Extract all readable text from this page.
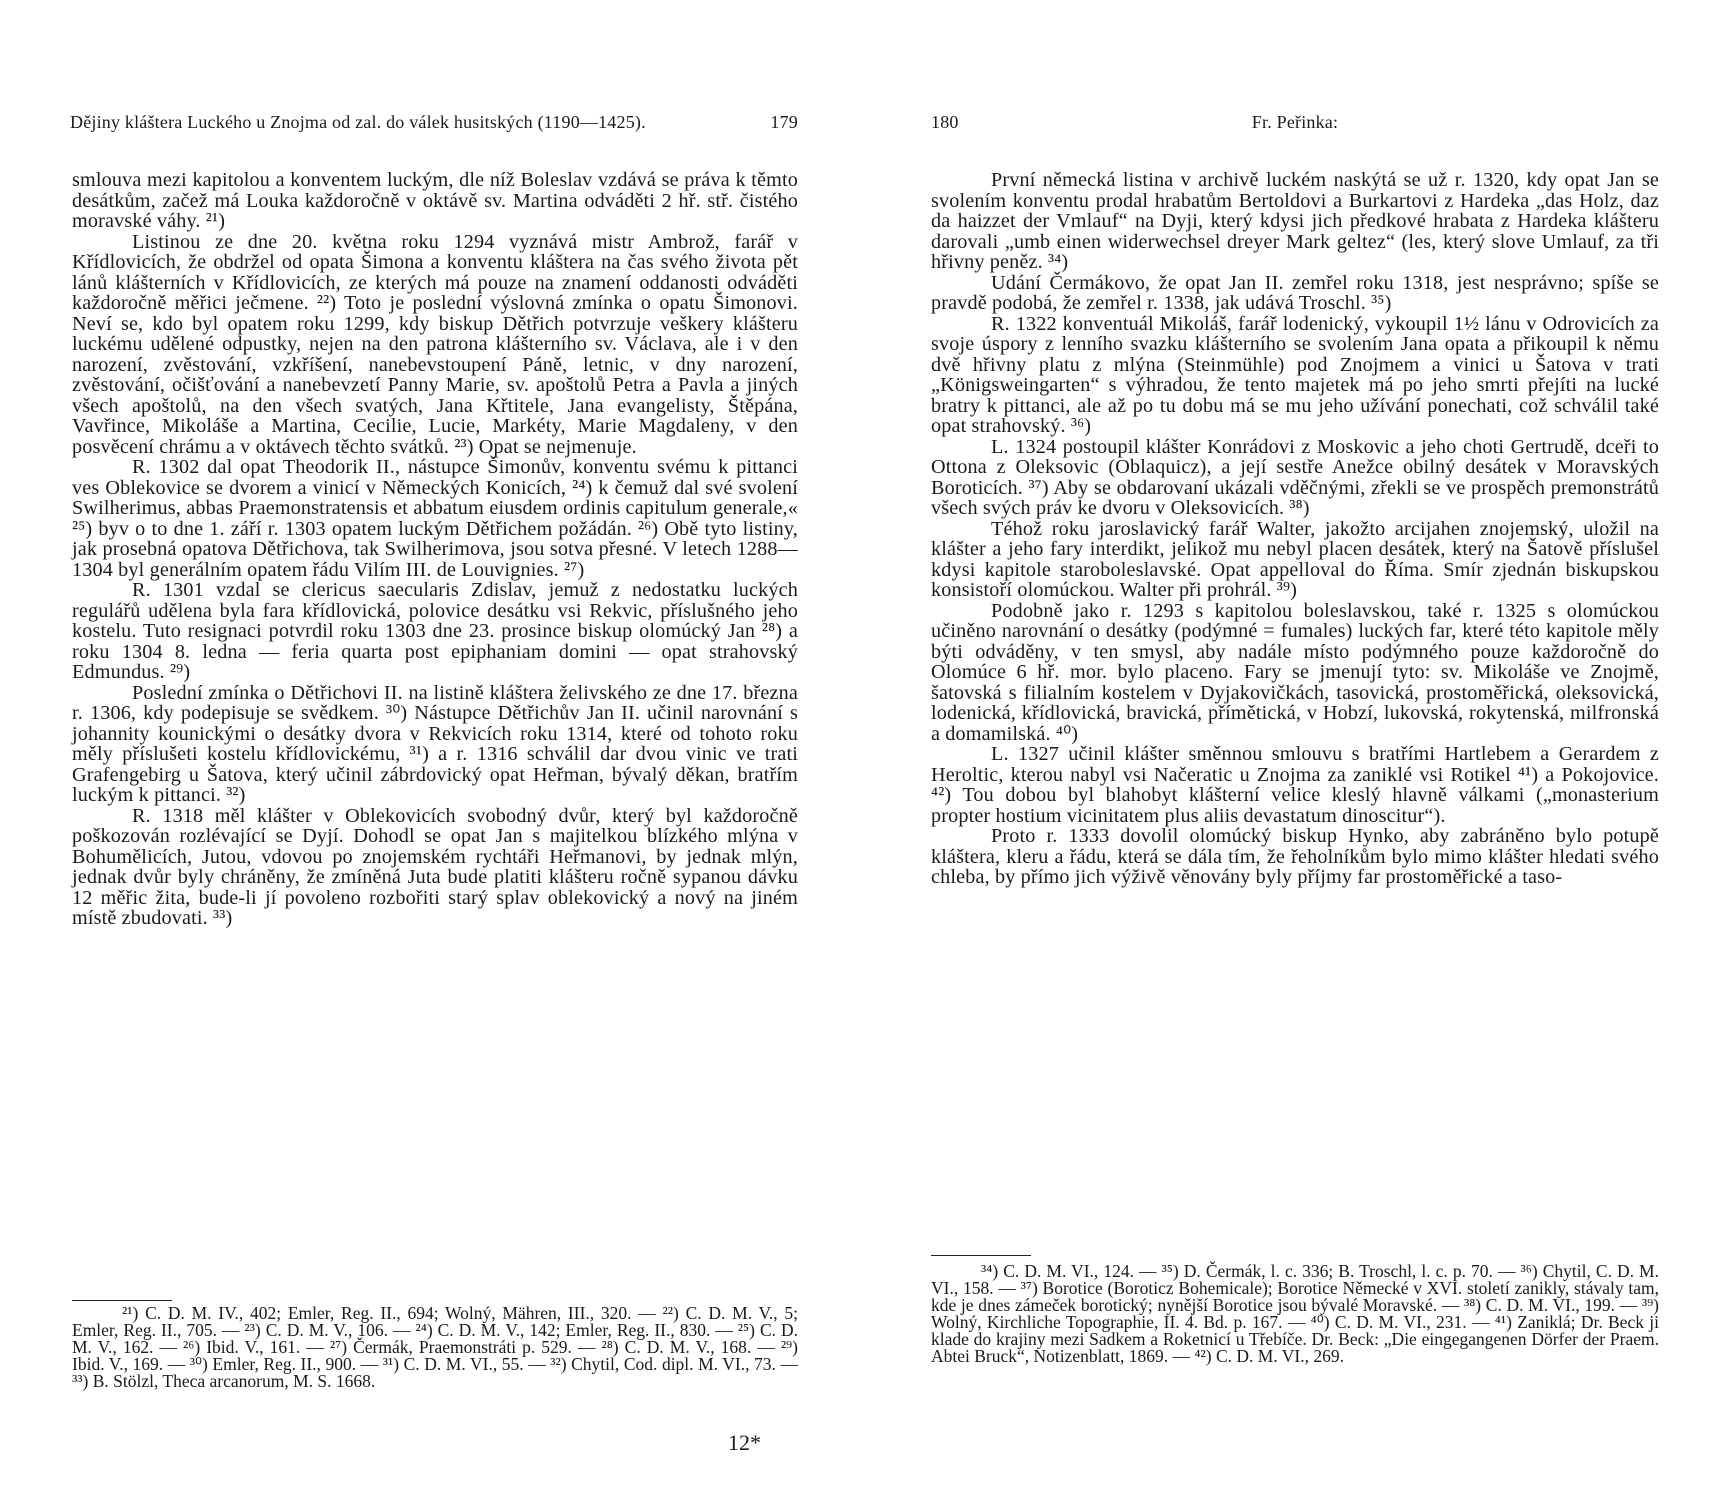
Dějiny kláštera Luckého u Znojma od zal. do válek husitských (1190—1425).	179

smlouva mezi kapitolou a konventem luckým, dle níž Boleslav vzdává se práva k těmto desátkům, začež má Louka každoročně v oktávě sv. Martina odváděti 2 hř. stř. čistého moravské váhy. ²¹)

Listinou ze dne 20. května roku 1294 vyznává mistr Ambrož, farář v Křídlovicích, že obdržel od opata Šimona a konventu kláštera na čas svého života pět lánů klášterních v Křídlovicích, ze kterých má pouze na znamení oddanosti odváděti každoročně měřici ječmene. ²²) Toto je poslední výslovná zmínka o opatu Šimonovi. Neví se, kdo byl opatem roku 1299, kdy biskup Dětřich potvrzuje veškery klášteru luckému udělené odpustky, nejen na den patrona klášterního sv. Václava, ale i v den narození, zvěstování, vzkříšení, nanebevstoupení Páně, letnic, v dny narození, zvěstování, očišťování a nanebevzetí Panny Marie, sv. apoštolů Petra a Pavla a jiných všech apoštolů, na den všech svatých, Jana Křtitele, Jana evangelisty, Štěpána, Vavřince, Mikoláše a Martina, Cecilie, Lucie, Markéty, Marie Magdaleny, v den posvěcení chrámu a v oktávech těchto svátků. ²³) Opat se nejmenuje.

R. 1302 dal opat Theodorik II., nástupce Šimonův, konventu svému k pittanci ves Oblekovice se dvorem a vinicí v Německých Konicích, ²⁴) k čemuž dal své svolení Swilherimus, abbas Praemonstratensis et abbatum eiusdem ordinis capitulum generale,« ²⁵) byv o to dne 1. září r. 1303 opatem luckým Dětřichem požádán. ²⁶) Obě tyto listiny, jak prosebná opatova Dětřichova, tak Swilherimova, jsou sotva přesné. V letech 1288—1304 byl generálním opatem řádu Vilím III. de Louvignies. ²⁷)

R. 1301 vzdal se clericus saecularis Zdislav, jemuž z nedostatku luckých regulářů udělena byla fara křídlovická, polovice desátku vsi Rekvic, příslušného jeho kostelu. Tuto resignaci potvrdil roku 1303 dne 23. prosince biskup olomúcký Jan ²⁸) a roku 1304 8. ledna — feria quarta post epiphaniam domini — opat strahovský Edmundus. ²⁹)

Poslední zmínka o Dětřichovi II. na listině kláštera želivského ze dne 17. března r. 1306, kdy podepisuje se svědkem. ³⁰) Nástupce Dětřichův Jan II. učinil narovnání s johannity kounickými o desátky dvora v Rekvicích roku 1314, které od tohoto roku měly příslušeti kostelu křídlovickému, ³¹) a r. 1316 schválil dar dvou vinic ve trati Grafengebirg u Šatova, který učinil zábrdovický opat Heřman, bývalý děkan, bratřím luckým k pittanci. ³²)

R. 1318 měl klášter v Oblekovicích svobodný dvůr, který byl každoročně poškozován rozlévající se Dyjí. Dohodl se opat Jan s majitelkou blízkého mlýna v Bohumělicích, Jutou, vdovou po znojemském rychtáři Heřmanovi, by jednak mlýn, jednak dvůr byly chráněny, že zmíněná Juta bude platiti klášteru ročně sypanou dávku 12 měřic žita, bude-li jí povoleno rozbořiti starý splav oblekovický a nový na jiném místě zbudovati. ³³)

²¹) C. D. M. IV., 402; Emler, Reg. II., 694; Wolný, Mähren, III., 320. — ²²) C. D. M. V., 5; Emler, Reg. II., 705. — ²³) C. D. M. V., 106. — ²⁴) C. D. M. V., 142; Emler, Reg. II., 830. — ²⁵) C. D. M. V., 162. — ²⁶) Ibid. V., 161. — ²⁷) Čermák, Praemonstráti p. 529. — ²⁸) C. D. M. V., 168. — ²⁹) Ibid. V., 169. — ³⁰) Emler, Reg. II., 900. — ³¹) C. D. M. VI., 55. — ³²) Chytil, Cod. dipl. M. VI., 73. — ³³) B. Stölzl, Theca arcanorum, M. S. 1668.

12*
180	Fr. Peřinka:

První německá listina v archivě luckém naskýtá se už r. 1320, kdy opat Jan se svolením konventu prodal hrabatům Bertoldovi a Burkartovi z Hardeka „das Holz, daz da haizzet der Vmlauf“ na Dyji, který kdysi jich předkové hrabata z Hardeka klášteru darovali „umb einen widerwechsel dreyer Mark geltez“ (les, který slove Umlauf, za tři hřivny peněz. ³⁴)

Udání Čermákovo, že opat Jan II. zemřel roku 1318, jest nesprávno; spíše se pravdě podobá, že zemřel r. 1338, jak udává Troschl. ³⁵)

R. 1322 konventuál Mikoláš, farář lodenický, vykoupil 1½ lánu v Odrovicích za svoje úspory z lenního svazku klášterního se svolením Jana opata a přikoupil k němu dvě hřivny platu z mlýna (Steinmühle) pod Znojmem a vinici u Šatova v trati „Königsweingarten“ s výhradou, že tento majetek má po jeho smrti přejíti na lucké bratry k pittanci, ale až po tu dobu má se mu jeho užívání ponechati, což schválil také opat strahovský. ³⁶)

L. 1324 postoupil klášter Konrádovi z Moskovic a jeho choti Gertrudě, dceři to Ottona z Oleksovic (Oblaquicz), a její sestře Anežce obilný desátek v Moravských Boroticích. ³⁷) Aby se obdarovaní ukázali vděčnými, zřekli se ve prospěch premonstrátů všech svých práv ke dvoru v Oleksovicích. ³⁸)

Téhož roku jaroslavický farář Walter, jakožto arcijahen znojemský, uložil na klášter a jeho fary interdikt, jelikož mu nebyl placen desátek, který na Šatově příslušel kdysi kapitole staroboleslavské. Opat appelloval do Říma. Smír zjednán biskupskou konsistoří olomúckou. Walter při prohrál. ³⁹)

Podobně jako r. 1293 s kapitolou boleslavskou, také r. 1325 s olomúckou učiněno narovnání o desátky (podýmné = fumales) luckých far, které této kapitole měly býti odváděny, v ten smysl, aby nadále místo podýmného pouze každoročně do Olomúce 6 hř. mor. bylo placeno. Fary se jmenují tyto: sv. Mikoláše ve Znojmě, šatovská s filialním kostelem v Dyjakovičkách, tasovická, prostoměřická, oleksovická, lodenická, křídlovická, bravická, přímětická, v Hobzí, lukovská, rokytenská, milfronská a domamilská. ⁴⁰)

L. 1327 učinil klášter směnnou smlouvu s bratřími Hartlebem a Gerardem z Heroltic, kterou nabyl vsi Načeratic u Znojma za zaniklé vsi Rotikel ⁴¹) a Pokojovice. ⁴²) Tou dobou byl blahobyt klášterní velice kleslý hlavně válkami („monasterium propter hostium vicinitatem plus aliis devastatum dinoscitur“).

Proto r. 1333 dovolil olomúcký biskup Hynko, aby zabráněno bylo potupě kláštera, kleru a řádu, která se dála tím, že řeholníkům bylo mimo klášter hledati svého chleba, by přímo jich výživě věnovány byly příjmy far prostoměřické a taso-

³⁴) C. D. M. VI., 124. — ³⁵) D. Čermák, l. c. 336; B. Troschl, l. c. p. 70. — ³⁶) Chytil, C. D. M. VI., 158. — ³⁷) Borotice (Boroticz Bohemicale); Borotice Německé v XVI. století zanikly, stávaly tam, kde je dnes zámeček borotický; nynější Borotice jsou bývalé Moravské. — ³⁸) C. D. M. VI., 199. — ³⁹) Wolný, Kirchliche Topographie, II. 4. Bd. p. 167. — ⁴⁰) C. D. M. VI., 231. — ⁴¹) Zaniklá; Dr. Beck ji klade do krajiny mezi Sadkem a Roketnicí u Třebíče. Dr. Beck: „Die eingegangenen Dörfer der Praem. Abtei Bruck“, Notizenblatt, 1869. — ⁴²) C. D. M. VI., 269.
